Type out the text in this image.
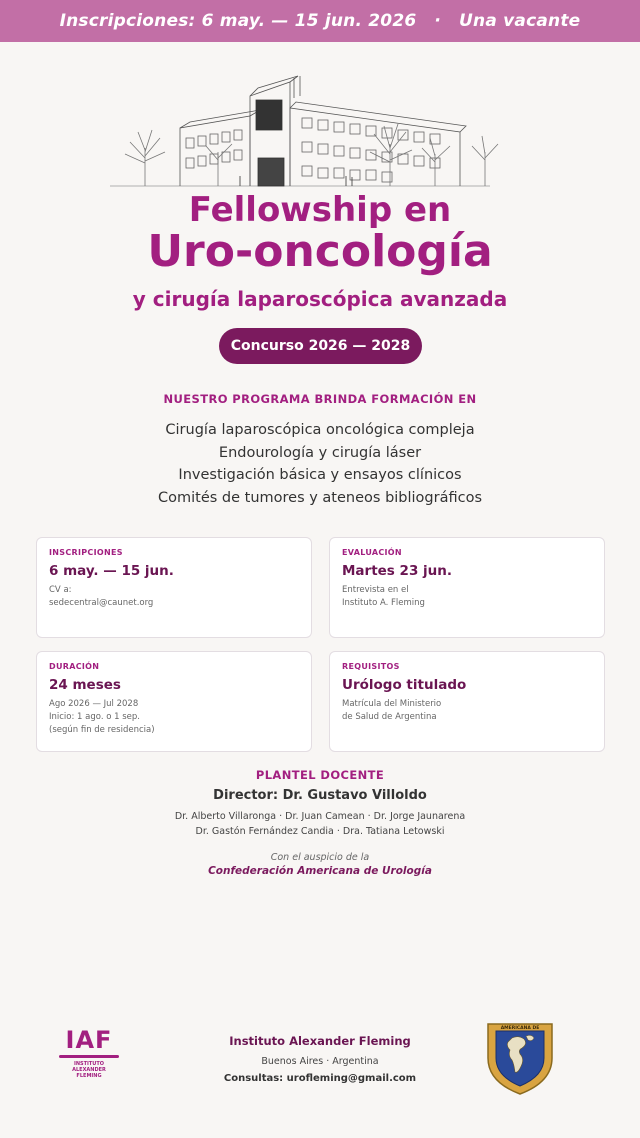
Inscripciones: 6 may. — 15 jun. 2026 · Una vacante
Fellowship en
Uro-oncología
y cirugía laparoscópica avanzada
Concurso 2026 — 2028
NUESTRO PROGRAMA BRINDA FORMACIÓN EN
Cirugía laparoscópica oncológica compleja
Endourología y cirugía láser
Investigación básica y ensayos clínicos
Comités de tumores y ateneos bibliográficos
INSCRIPCIONES
6 may. — 15 jun.
CV a:
sedecentral@caunet.org
EVALUACIÓN
Martes 23 jun.
Entrevista en el
Instituto A. Fleming
DURACIÓN
24 meses
Ago 2026 — Jul 2028
Inicio: 1 ago. o 1 sep.
(según fin de residencia)
REQUISITOS
Urólogo titulado
Matrícula del Ministerio
de Salud de Argentina
PLANTEL DOCENTE
Director: Dr. Gustavo Villoldo
Dr. Alberto Villaronga · Dr. Juan Camean · Dr. Jorge Jaunarena
Dr. Gastón Fernández Candia · Dra. Tatiana Letowski
Con el auspicio de la
Confederación Americana de Urología
IAF
INSTITUTO
ALEXANDER
FLEMING
Instituto Alexander Fleming
Buenos Aires · Argentina
Consultas: urofleming@gmail.com
AMERICANA DE
